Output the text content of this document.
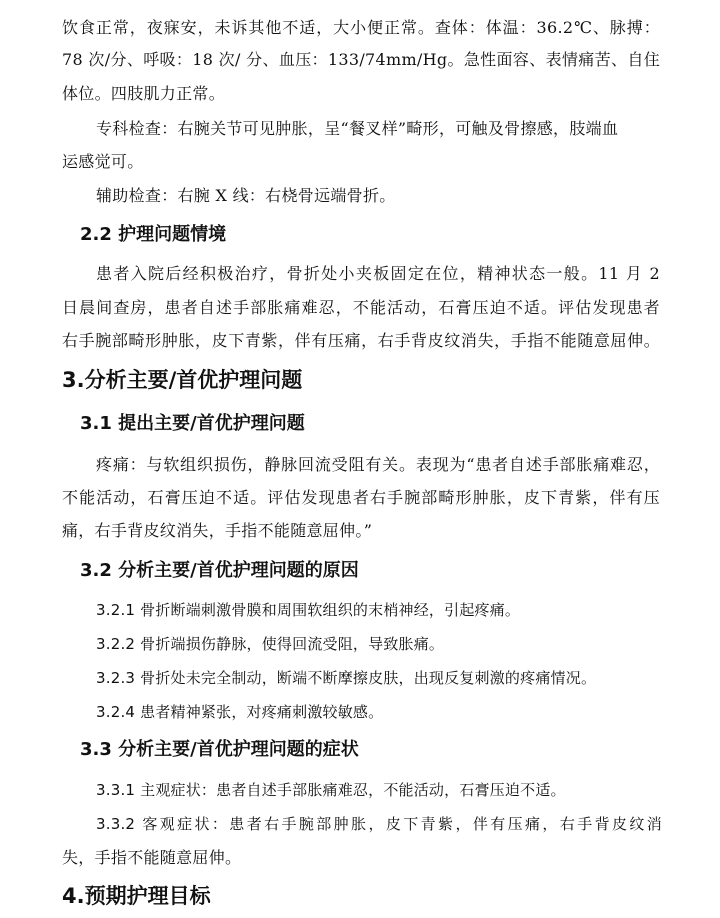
饮食正常，夜寐安，未诉其他不适，大小便正常。查体：体温：36.2℃、脉搏：
78 次/分、呼吸：18 次/ 分、血压：133/74mm/Hg。急性面容、表情痛苦、自住
体位。四肢肌力正常。
专科检查：右腕关节可见肿胀，呈“餐叉样”畸形，可触及骨擦感，肢端血
运感觉可。
辅助检查：右腕 X 线：右桡骨远端骨折。
2.2 护理问题情境
患者入院后经积极治疗，骨折处小夹板固定在位，精神状态一般。11 月 2
日晨间查房，患者自述手部胀痛难忍，不能活动，石膏压迫不适。评估发现患者
右手腕部畸形肿胀，皮下青紫，伴有压痛，右手背皮纹消失，手指不能随意屈伸。
3.分析主要/首优护理问题
3.1 提出主要/首优护理问题
疼痛：与软组织损伤，静脉回流受阻有关。表现为“患者自述手部胀痛难忍，
不能活动，石膏压迫不适。评估发现患者右手腕部畸形肿胀，皮下青紫，伴有压
痛，右手背皮纹消失，手指不能随意屈伸。”
3.2 分析主要/首优护理问题的原因
3.2.1 骨折断端刺激骨膜和周围软组织的末梢神经，引起疼痛。
3.2.2 骨折端损伤静脉，使得回流受阻，导致胀痛。
3.2.3 骨折处未完全制动，断端不断摩擦皮肤，出现反复刺激的疼痛情况。
3.2.4 患者精神紧张，对疼痛刺激较敏感。
3.3 分析主要/首优护理问题的症状
3.3.1 主观症状：患者自述手部胀痛难忍，不能活动，石膏压迫不适。
3.3.2 客观症状：患者右手腕部肿胀，皮下青紫，伴有压痛，右手背皮纹消
失，手指不能随意屈伸。
4.预期护理目标
